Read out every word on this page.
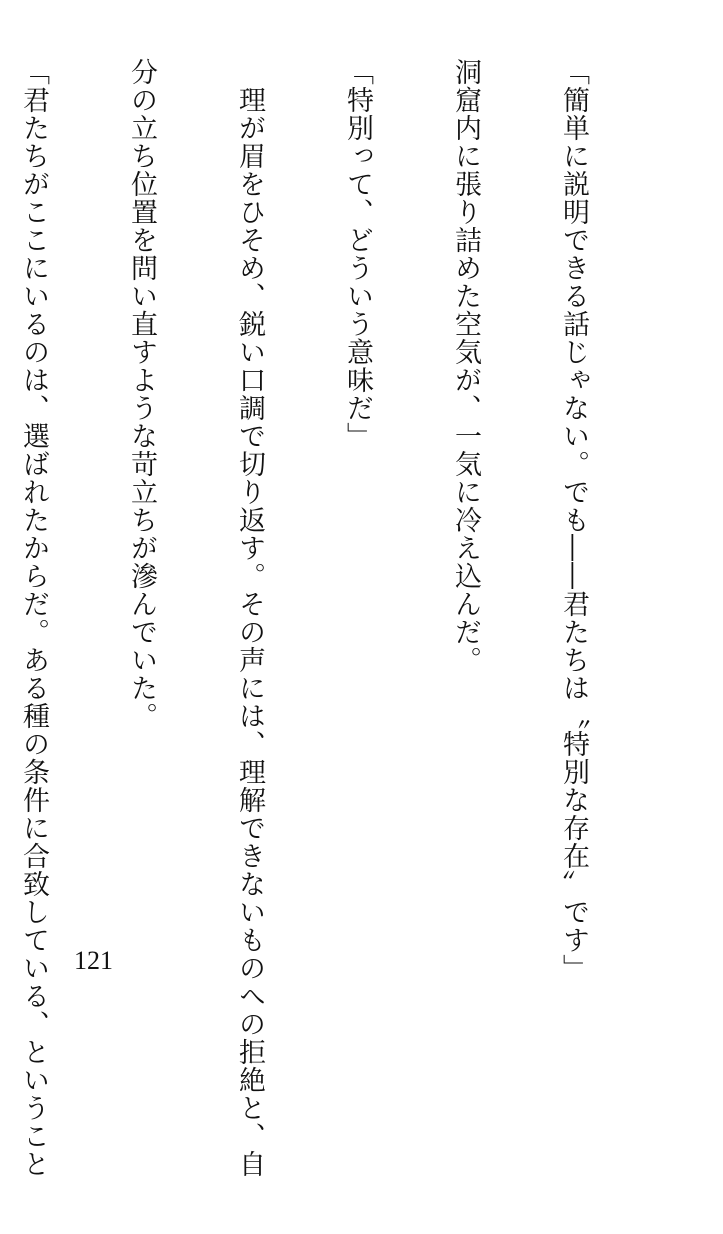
「簡単に説明できる話じゃない。でも――君たちは〝特別な存在〟です」

洞窟内に張り詰めた空気が、一気に冷え込んだ。

「特別って、どういう意味だ」

　理が眉をひそめ、鋭い口調で切り返す。その声には、理解できないものへの拒絶と、自

分の立ち位置を問い直すような苛立ちが滲んでいた。

「君たちがここにいるのは、選ばれたからだ。ある種の条件に合致している、ということ

121
